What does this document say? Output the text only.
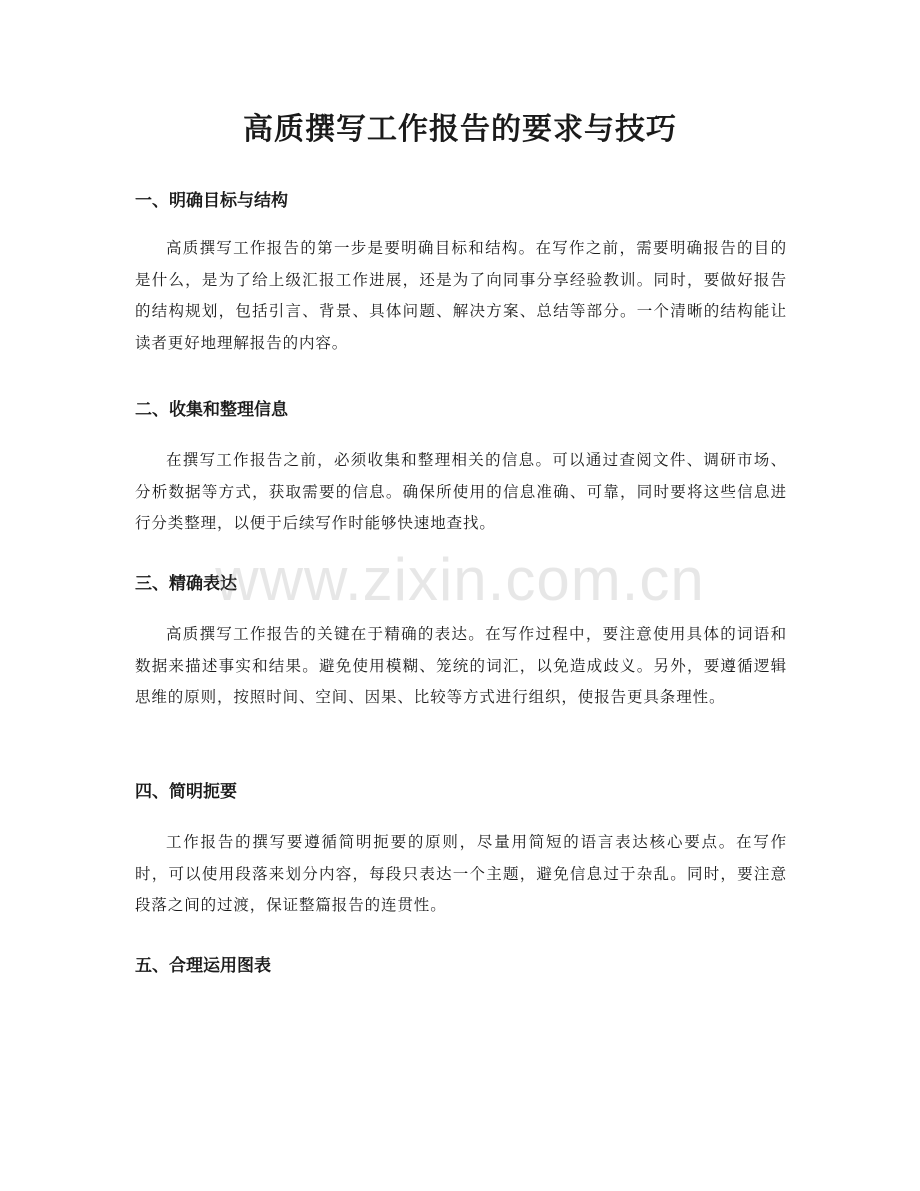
高质撰写工作报告的要求与技巧
一、明确目标与结构

高质撰写工作报告的第一步是要明确目标和结构。在写作之前，需要明确报告的目的是什么，是为了给上级汇报工作进展，还是为了向同事分享经验教训。同时，要做好报告的结构规划，包括引言、背景、具体问题、解决方案、总结等部分。一个清晰的结构能让读者更好地理解报告的内容。

二、收集和整理信息

在撰写工作报告之前，必须收集和整理相关的信息。可以通过查阅文件、调研市场、分析数据等方式，获取需要的信息。确保所使用的信息准确、可靠，同时要将这些信息进行分类整理，以便于后续写作时能够快速地查找。

三、精确表达

高质撰写工作报告的关键在于精确的表达。在写作过程中，要注意使用具体的词语和数据来描述事实和结果。避免使用模糊、笼统的词汇，以免造成歧义。另外，要遵循逻辑思维的原则，按照时间、空间、因果、比较等方式进行组织，使报告更具条理性。

四、简明扼要

工作报告的撰写要遵循简明扼要的原则，尽量用简短的语言表达核心要点。在写作时，可以使用段落来划分内容，每段只表达一个主题，避免信息过于杂乱。同时，要注意段落之间的过渡，保证整篇报告的连贯性。

五、合理运用图表
www.zixin.com.cn
